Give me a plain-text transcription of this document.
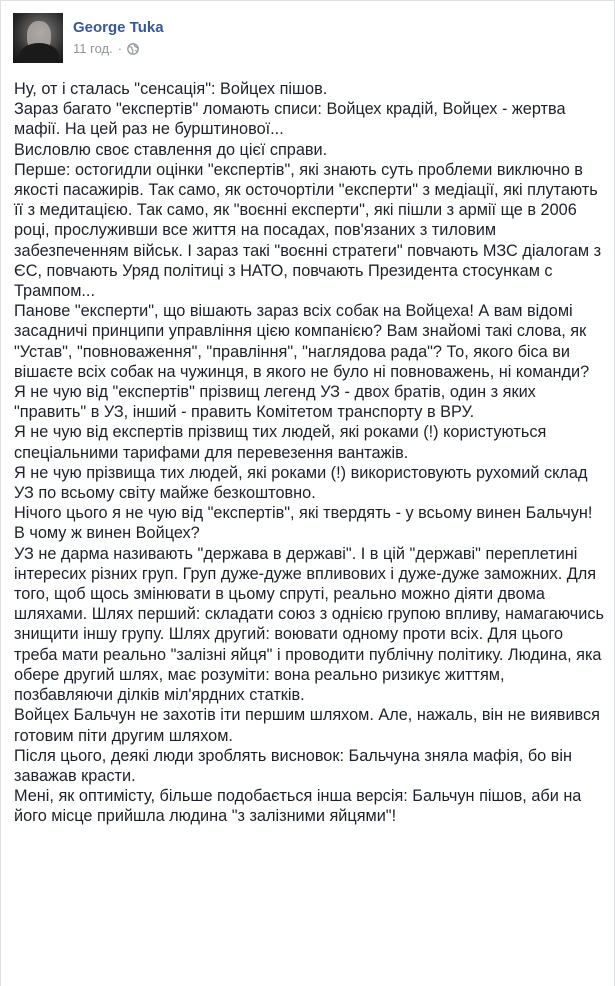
George Tuka
11 год. ·

Ну, от і сталась "сенсація": Войцех пішов.

Зараз багато "експертів" ломають списи: Войцех крадій, Войцех - жертва мафії. На цей раз не бурштинової...

Висловлю своє ставлення до цієї справи.

Перше: остогидли оцінки "експертів", які знають суть проблеми виключно в якості пасажирів. Так само, як осточортіли "експерти" з медіації, які плутають її з медитацією. Так само, як "воєнні експерти", які пішли з армії ще в 2006 році, прослуживши все життя на посадах, пов'язаних з тиловим забезпеченням військ. І зараз такі "воєнні стратеги" повчають МЗС діалогам з ЄС, повчають Уряд політиці з НАТО, повчають Президента стосункам с Трампом...

Панове "експерти", що вішають зараз всіх собак на Войцеха! А вам відомі засадничі принципи управління цією компанією? Вам знайомі такі слова, як "Устав", "повноваження", "правління", "наглядова рада"? То, якого біса ви вішаєте всіх собак на чужинця, в якого не було ні повноважень, ні команди?

Я не чую від "експертів" прізвищ легенд УЗ - двох братів, один з яких "править" в УЗ, інший - править Комітетом транспорту в ВРУ.

Я не чую від експертів прізвищ тих людей, які роками (!) користуються спеціальними тарифами для перевезення вантажів.

Я не чую прізвища тих людей, які роками (!) використовують рухомий склад УЗ по всьому світу майже безкоштовно.

Нічого цього я не чую від "експертів", які твердять - у всьому винен Бальчун!

В чому ж винен Войцех?

УЗ не дарма називають "держава в державі". І в цій "державі" переплетині інтересих різних груп. Груп дуже-дуже впливових і дуже-дуже заможних. Для того, щоб щось змінювати в цьому спруті, реально можно діяти двома шляхами. Шлях перший: складати союз з однією групою впливу, намагаючись знищити іншу групу. Шлях другий: воювати одному проти всіх. Для цього треба мати реально "залізні яйця" і проводити публічну політику. Людина, яка обере другий шлях, має розуміти: вона реально ризикує життям, позбавляючи ділків міл'ярдних статків.

Войцех Бальчун не захотів іти першим шляхом. Але, нажаль, він не виявився готовим піти другим шляхом.

Після цього, деякі люди зроблять висновок: Бальчуна зняла мафія, бо він заважав красти.

Мені, як оптимісту, більше подобається інша версія: Бальчун пішов, аби на його місце прийшла людина "з залізними яйцями"!
